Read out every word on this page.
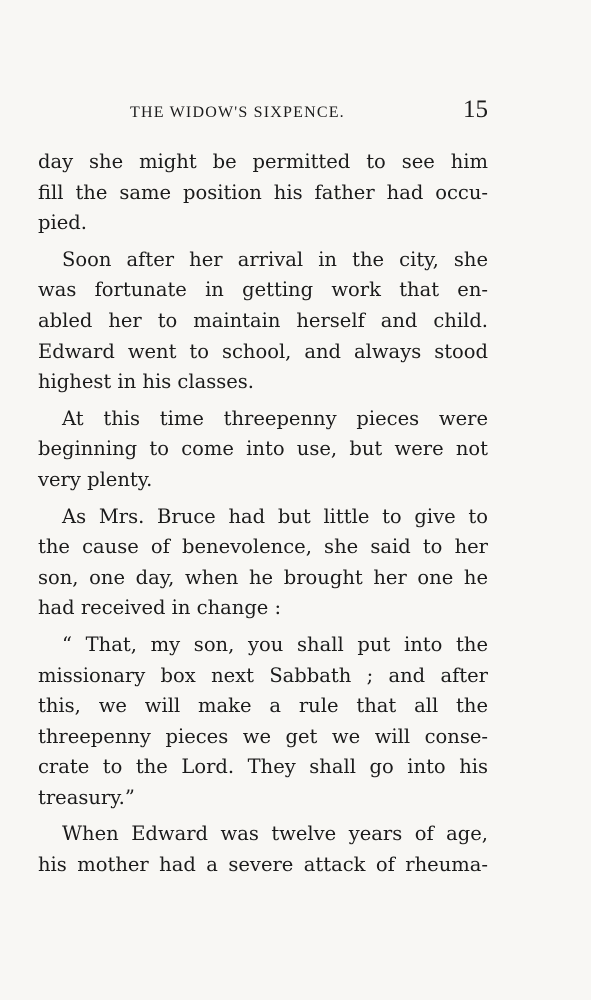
THE WIDOW'S SIXPENCE.	15
day she might be permitted to see him
fill the same position his father had occu-
pied.
Soon after her arrival in the city, she
was fortunate in getting work that en-
abled her to maintain herself and child.
Edward went to school, and always stood
highest in his classes.
At this time threepenny pieces were
beginning to come into use, but were not
very plenty.
As Mrs. Bruce had but little to give to
the cause of benevolence, she said to her
son, one day, when he brought her one he
had received in change :
“ That, my son, you shall put into the
missionary box next Sabbath ; and after
this, we will make a rule that all the
threepenny pieces we get we will conse-
crate to the Lord. They shall go into his
treasury.”
When Edward was twelve years of age,
his mother had a severe attack of rheuma-
